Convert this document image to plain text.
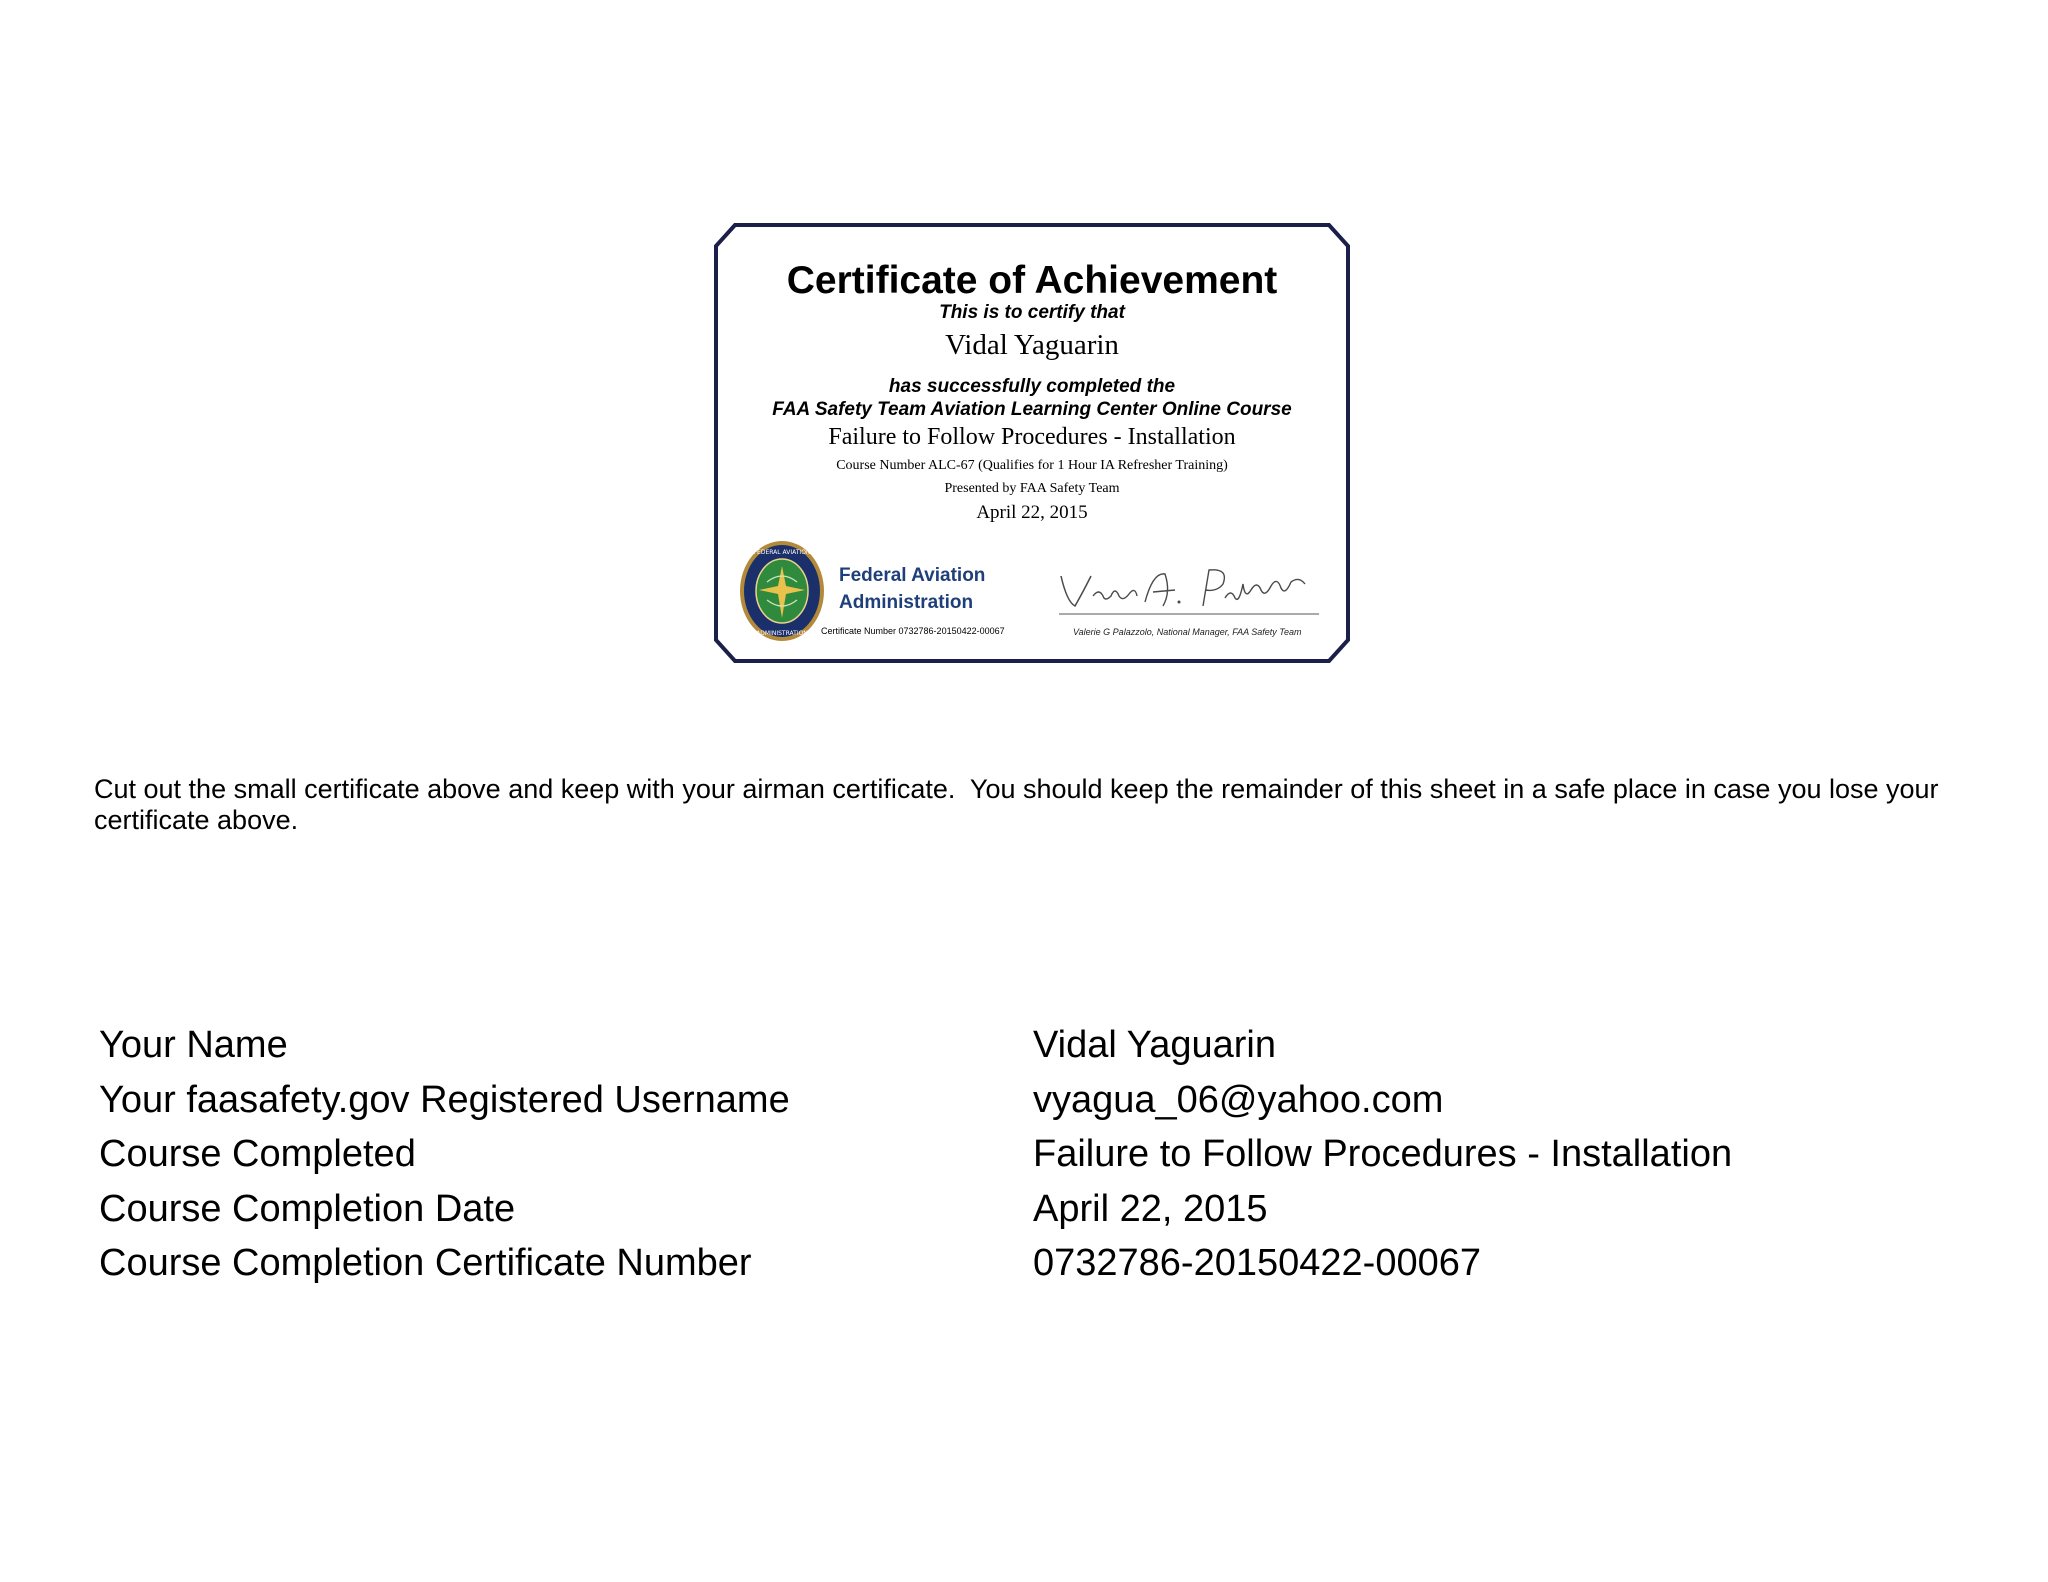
Certificate of Achievement
This is to certify that
Vidal Yaguarin
has successfully completed the
FAA Safety Team Aviation Learning Center Online Course
Failure to Follow Procedures - Installation
Course Number ALC-67 (Qualifies for 1 Hour IA Refresher Training)
Presented by FAA Safety Team
April 22, 2015
FEDERAL AVIATION
ADMINISTRATION
Federal Aviation
Administration
Certificate Number 0732786-20150422-00067	Valerie G Palazzolo, National Manager, FAA Safety Team
Cut out the small certificate above and keep with your airman certificate.  You should keep the remainder of this sheet in a safe place in case you lose your certificate above.
Your Name	Vidal Yaguarin
Your faasafety.gov Registered Username	vyagua_06@yahoo.com
Course Completed	Failure to Follow Procedures - Installation
Course Completion Date	April 22, 2015
Course Completion Certificate Number	0732786-20150422-00067
